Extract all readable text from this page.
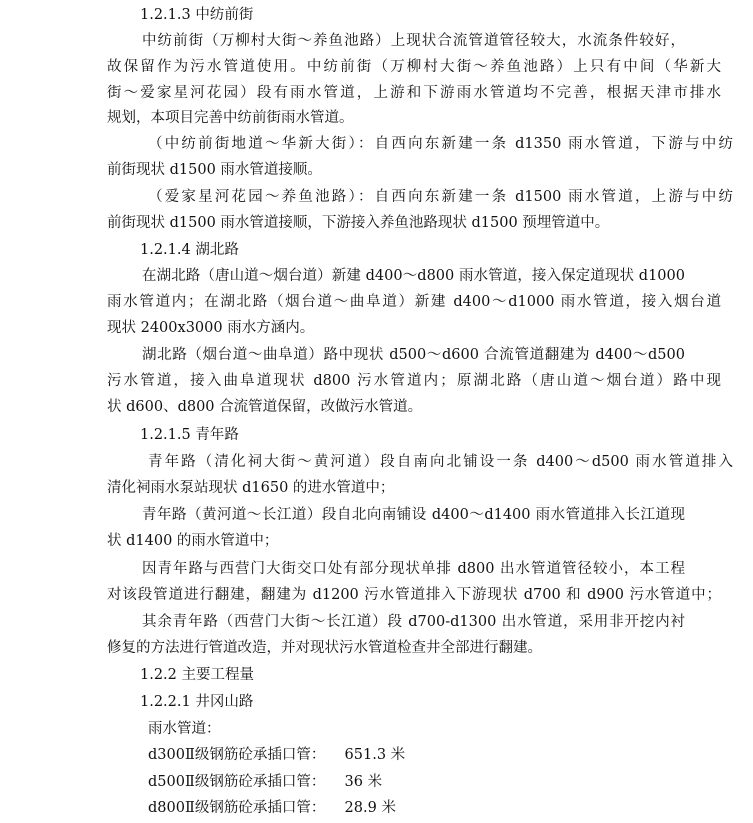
1.2.1.3 中纺前街
中纺前街（万柳村大街～养鱼池路）上现状合流管道管径较大，水流条件较好，
故保留作为污水管道使用。中纺前街（万柳村大街～养鱼池路）上只有中间（华新大
街～爱家星河花园）段有雨水管道，上游和下游雨水管道均不完善，根据天津市排水
规划，本项目完善中纺前街雨水管道。
（中纺前街地道～华新大街）：自西向东新建一条 d1350 雨水管道，下游与中纺
前街现状 d1500 雨水管道接顺。
（爱家星河花园～养鱼池路）：自西向东新建一条 d1500 雨水管道，上游与中纺
前街现状 d1500 雨水管道接顺，下游接入养鱼池路现状 d1500 预埋管道中。
1.2.1.4 湖北路
在湖北路（唐山道～烟台道）新建 d400～d800 雨水管道，接入保定道现状 d1000
雨水管道内；在湖北路（烟台道～曲阜道）新建 d400～d1000 雨水管道，接入烟台道
现状 2400x3000 雨水方涵内。
湖北路（烟台道～曲阜道）路中现状 d500～d600 合流管道翻建为 d400～d500
污水管道，接入曲阜道现状 d800 污水管道内；原湖北路（唐山道～烟台道）路中现
状 d600、d800 合流管道保留，改做污水管道。
1.2.1.5 青年路
青年路（清化祠大街～黄河道）段自南向北铺设一条 d400～d500 雨水管道排入
清化祠雨水泵站现状 d1650 的进水管道中；
青年路（黄河道～长江道）段自北向南铺设 d400～d1400 雨水管道排入长江道现
状 d1400 的雨水管道中；
因青年路与西营门大街交口处有部分现状单排 d800 出水管道管径较小，本工程
对该段管道进行翻建，翻建为 d1200 污水管道排入下游现状 d700 和 d900 污水管道中；
其余青年路（西营门大街～长江道）段 d700-d1300 出水管道，采用非开挖内衬
修复的方法进行管道改造，并对现状污水管道检查井全部进行翻建。
1.2.2 主要工程量
1.2.2.1 井冈山路
雨水管道：
d300Ⅱ级钢筋砼承插口管： 651.3 米
d500Ⅱ级钢筋砼承插口管： 36 米
d800Ⅱ级钢筋砼承插口管： 28.9 米
